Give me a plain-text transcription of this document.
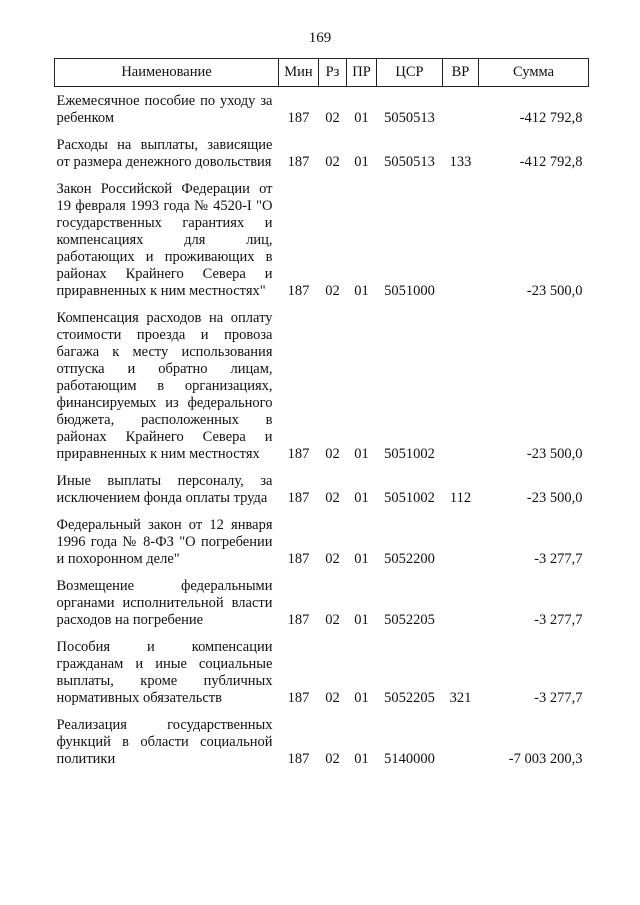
169
Наименование	Мин	Рз	ПР	ЦСР	ВР	Сумма
Ежемесячное пособие по уходу за ребенком	187	02	01	5050513		-412 792,8
Расходы на выплаты, зависящие от размера денежного довольствия	187	02	01	5050513	133	-412 792,8
Закон Российской Федерации от 19 февраля 1993 года № 4520-I "О государственных гарантиях и компенсациях для лиц, работающих и проживающих в районах Крайнего Севера и приравненных к ним местностях"	187	02	01	5051000		-23 500,0
Компенсация расходов на оплату стоимости проезда и провоза багажа к месту использования отпуска и обратно лицам, работающим в организациях, финансируемых из федерального бюджета, расположенных в районах Крайнего Севера и приравненных к ним местностях	187	02	01	5051002		-23 500,0
Иные выплаты персоналу, за исключением фонда оплаты труда	187	02	01	5051002	112	-23 500,0
Федеральный закон от 12 января 1996 года № 8-ФЗ "О погребении и похоронном деле"	187	02	01	5052200		-3 277,7
Возмещение федеральными органами исполнительной власти расходов на погребение	187	02	01	5052205		-3 277,7
Пособия и компенсации гражданам и иные социальные выплаты, кроме публичных нормативных обязательств	187	02	01	5052205	321	-3 277,7
Реализация государственных функций в области социальной политики	187	02	01	5140000		-7 003 200,3
